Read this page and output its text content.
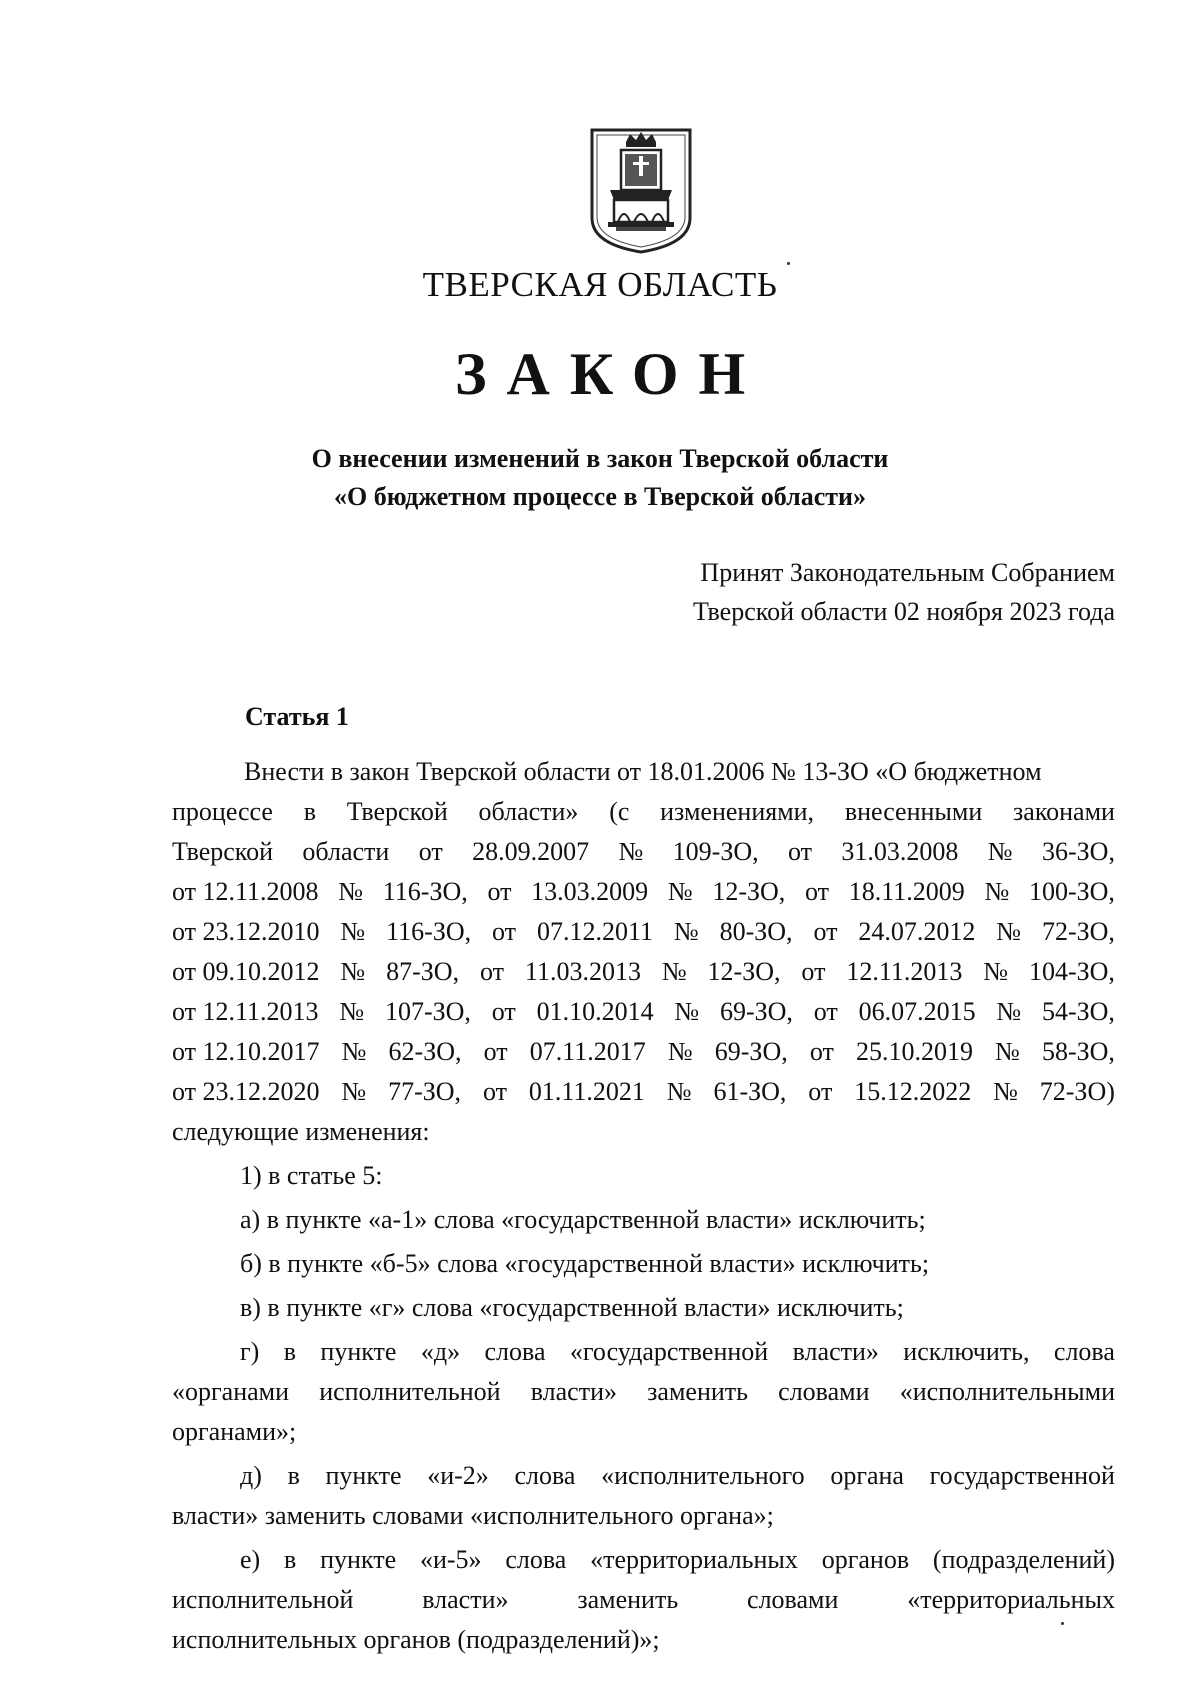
ТВЕРСКАЯ ОБЛАСТЬ
ЗАКОН
О внесении изменений в закон Тверской области
«О бюджетном процессе в Тверской области»
Принят Законодательным Собранием
Тверской области 02 ноября 2023 года
Статья 1
Внести в закон Тверской области от 18.01.2006 № 13-ЗО «О бюджетном
процессе в Тверской области» (с изменениями, внесенными законами
Тверской области от 28.09.2007 № 109-ЗО, от 31.03.2008 № 36-ЗО,
от 12.11.2008 № 116-ЗО, от 13.03.2009 № 12-ЗО, от 18.11.2009 № 100-ЗО,
от 23.12.2010 № 116-ЗО, от 07.12.2011 № 80-ЗО, от 24.07.2012 № 72-ЗО,
от 09.10.2012 № 87-ЗО, от 11.03.2013 № 12-ЗО, от 12.11.2013 № 104-ЗО,
от 12.11.2013 № 107-ЗО, от 01.10.2014 № 69-ЗО, от 06.07.2015 № 54-ЗО,
от 12.10.2017 № 62-ЗО, от 07.11.2017 № 69-ЗО, от 25.10.2019 № 58-ЗО,
от 23.12.2020 № 77-ЗО, от 01.11.2021 № 61-ЗО, от 15.12.2022 № 72-ЗО)
следующие изменения:
1) в статье 5:
а) в пункте «а-1» слова «государственной власти» исключить;
б) в пункте «б-5» слова «государственной власти» исключить;
в) в пункте «г» слова «государственной власти» исключить;
г) в пункте «д» слова «государственной власти» исключить, слова
«органами исполнительной власти» заменить словами «исполнительными
органами»;
д) в пункте «и-2» слова «исполнительного органа государственной
власти» заменить словами «исполнительного органа»;
е) в пункте «и-5» слова «территориальных органов (подразделений)
исполнительной	власти»	заменить	словами	«территориальных
исполнительных органов (подразделений)»;
